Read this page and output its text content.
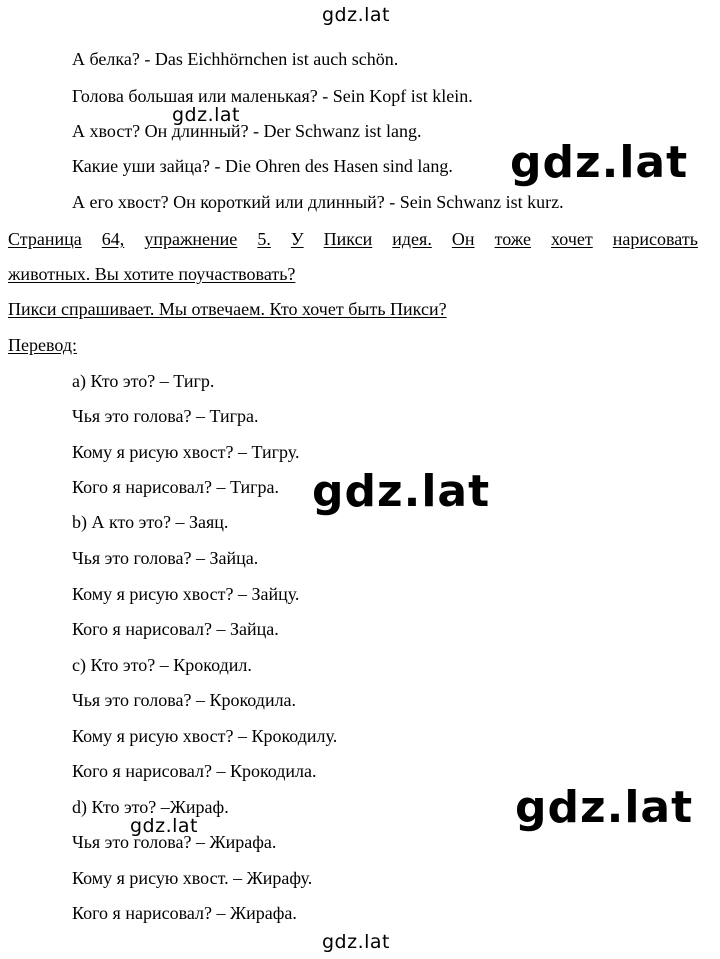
gdz.lat
А белка? - Das Eichhörnchen ist auch schön.
Голова большая или маленькая? - Sein Kopf ist klein.
А хвост? Он длинный? - Der Schwanz ist lang.
Какие уши зайца? - Die Ohren des Hasen sind lang.
А его хвост? Он короткий или длинный? - Sein Schwanz ist kurz.
Страница 64, упражнение 5. У Пикси идея. Он тоже хочет нарисовать
животных. Вы хотите поучаствовать?
Пикси спрашивает. Мы отвечаем. Кто хочет быть Пикси?
Перевод:
a) Кто это? – Тигр.
Чья это голова? – Тигра.
Кому я рисую хвост? – Тигру.
Кого я нарисовал? – Тигра.
b) А кто это? – Заяц.
Чья это голова? – Зайца.
Кому я рисую хвост? – Зайцу.
Кого я нарисовал? – Зайца.
c) Кто это? – Крокодил.
Чья это голова? – Крокодила.
Кому я рисую хвост? – Крокодилу.
Кого я нарисовал? – Крокодила.
d) Кто это? –Жираф.
Чья это голова? – Жирафа.
Кому я рисую хвост. – Жирафу.
Кого я нарисовал? – Жирафа.
gdz.lat
gdz.lat
gdz.lat
gdz.lat
gdz.lat
gdz.lat
